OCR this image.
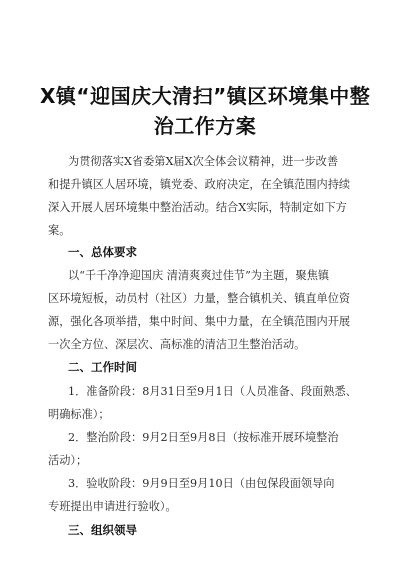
X镇“迎国庆大清扫”镇区环境集中整
治工作方案
为贯彻落实X省委第X届X次全体会议精神，进一步改善
和提升镇区人居环境，镇党委、政府决定，在全镇范围内持续
深入开展人居环境集中整治活动。结合X实际，特制定如下方
案。
一、总体要求
以“千千净净迎国庆 清清爽爽过佳节”为主题，聚焦镇
区环境短板，动员村（社区）力量，整合镇机关、镇直单位资
源，强化各项举措，集中时间、集中力量，在全镇范围内开展
一次全方位、深层次、高标准的清洁卫生整治活动。
二、工作时间
1．准备阶段：8月31日至9月1日（人员准备、段面熟悉、
明确标准）；
2．整治阶段：9月2日至9月8日（按标准开展环境整治
活动）；
3．验收阶段：9月9日至9月10日（由包保段面领导向
专班提出申请进行验收）。
三、组织领导
